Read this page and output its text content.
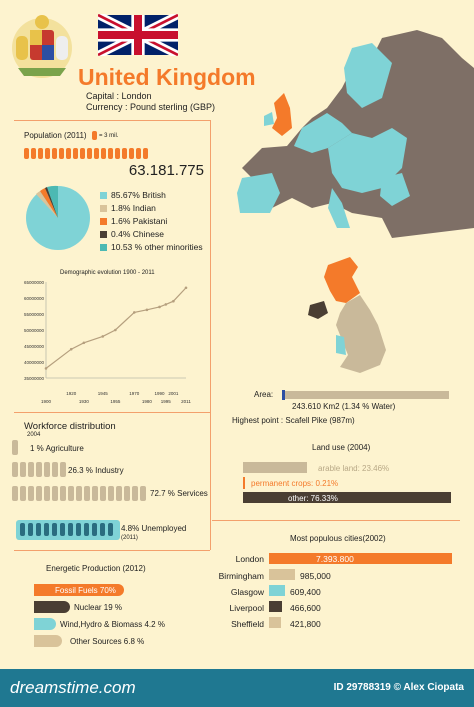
United Kingdom
Capital : London
Currency : Pound sterling (GBP)
Population (2011) = 3 mil.
63.181.775
85.67% British
1.8% Indian
1.6% Pakistani
0.4% Chinese
10.53 % other minorities
Demographic evolution 1900 - 2011
35000000
40000000
45000000
50000000
55000000
60000000
65000000
1920	1945	1970	1990 2001
1900	1930	1955	1980 1995 2011
Workforce distribution
2004
1 % Agriculture
26.3 % Industry
72.7 % Services
4.8% Unemployed
(2011)
Energetic Production (2012)
Fossil Fuels 70%
Nuclear 19 %
Wind,Hydro & Biomass 4.2 %
Other Sources 6.8 %
Area:
243.610 Km2 (1.34 % Water)
Highest point : Scafell Pike (987m)
Land use (2004)
arable land: 23.46%
permanent crops: 0.21%
other: 76.33%
Most populous cities(2002)
London	7.393.800
Birmingham	985,000
Glasgow	609,400
Liverpool	466,600
Sheffield	421,800
dreamstime.com	ID 29788319 © Alex Ciopata
